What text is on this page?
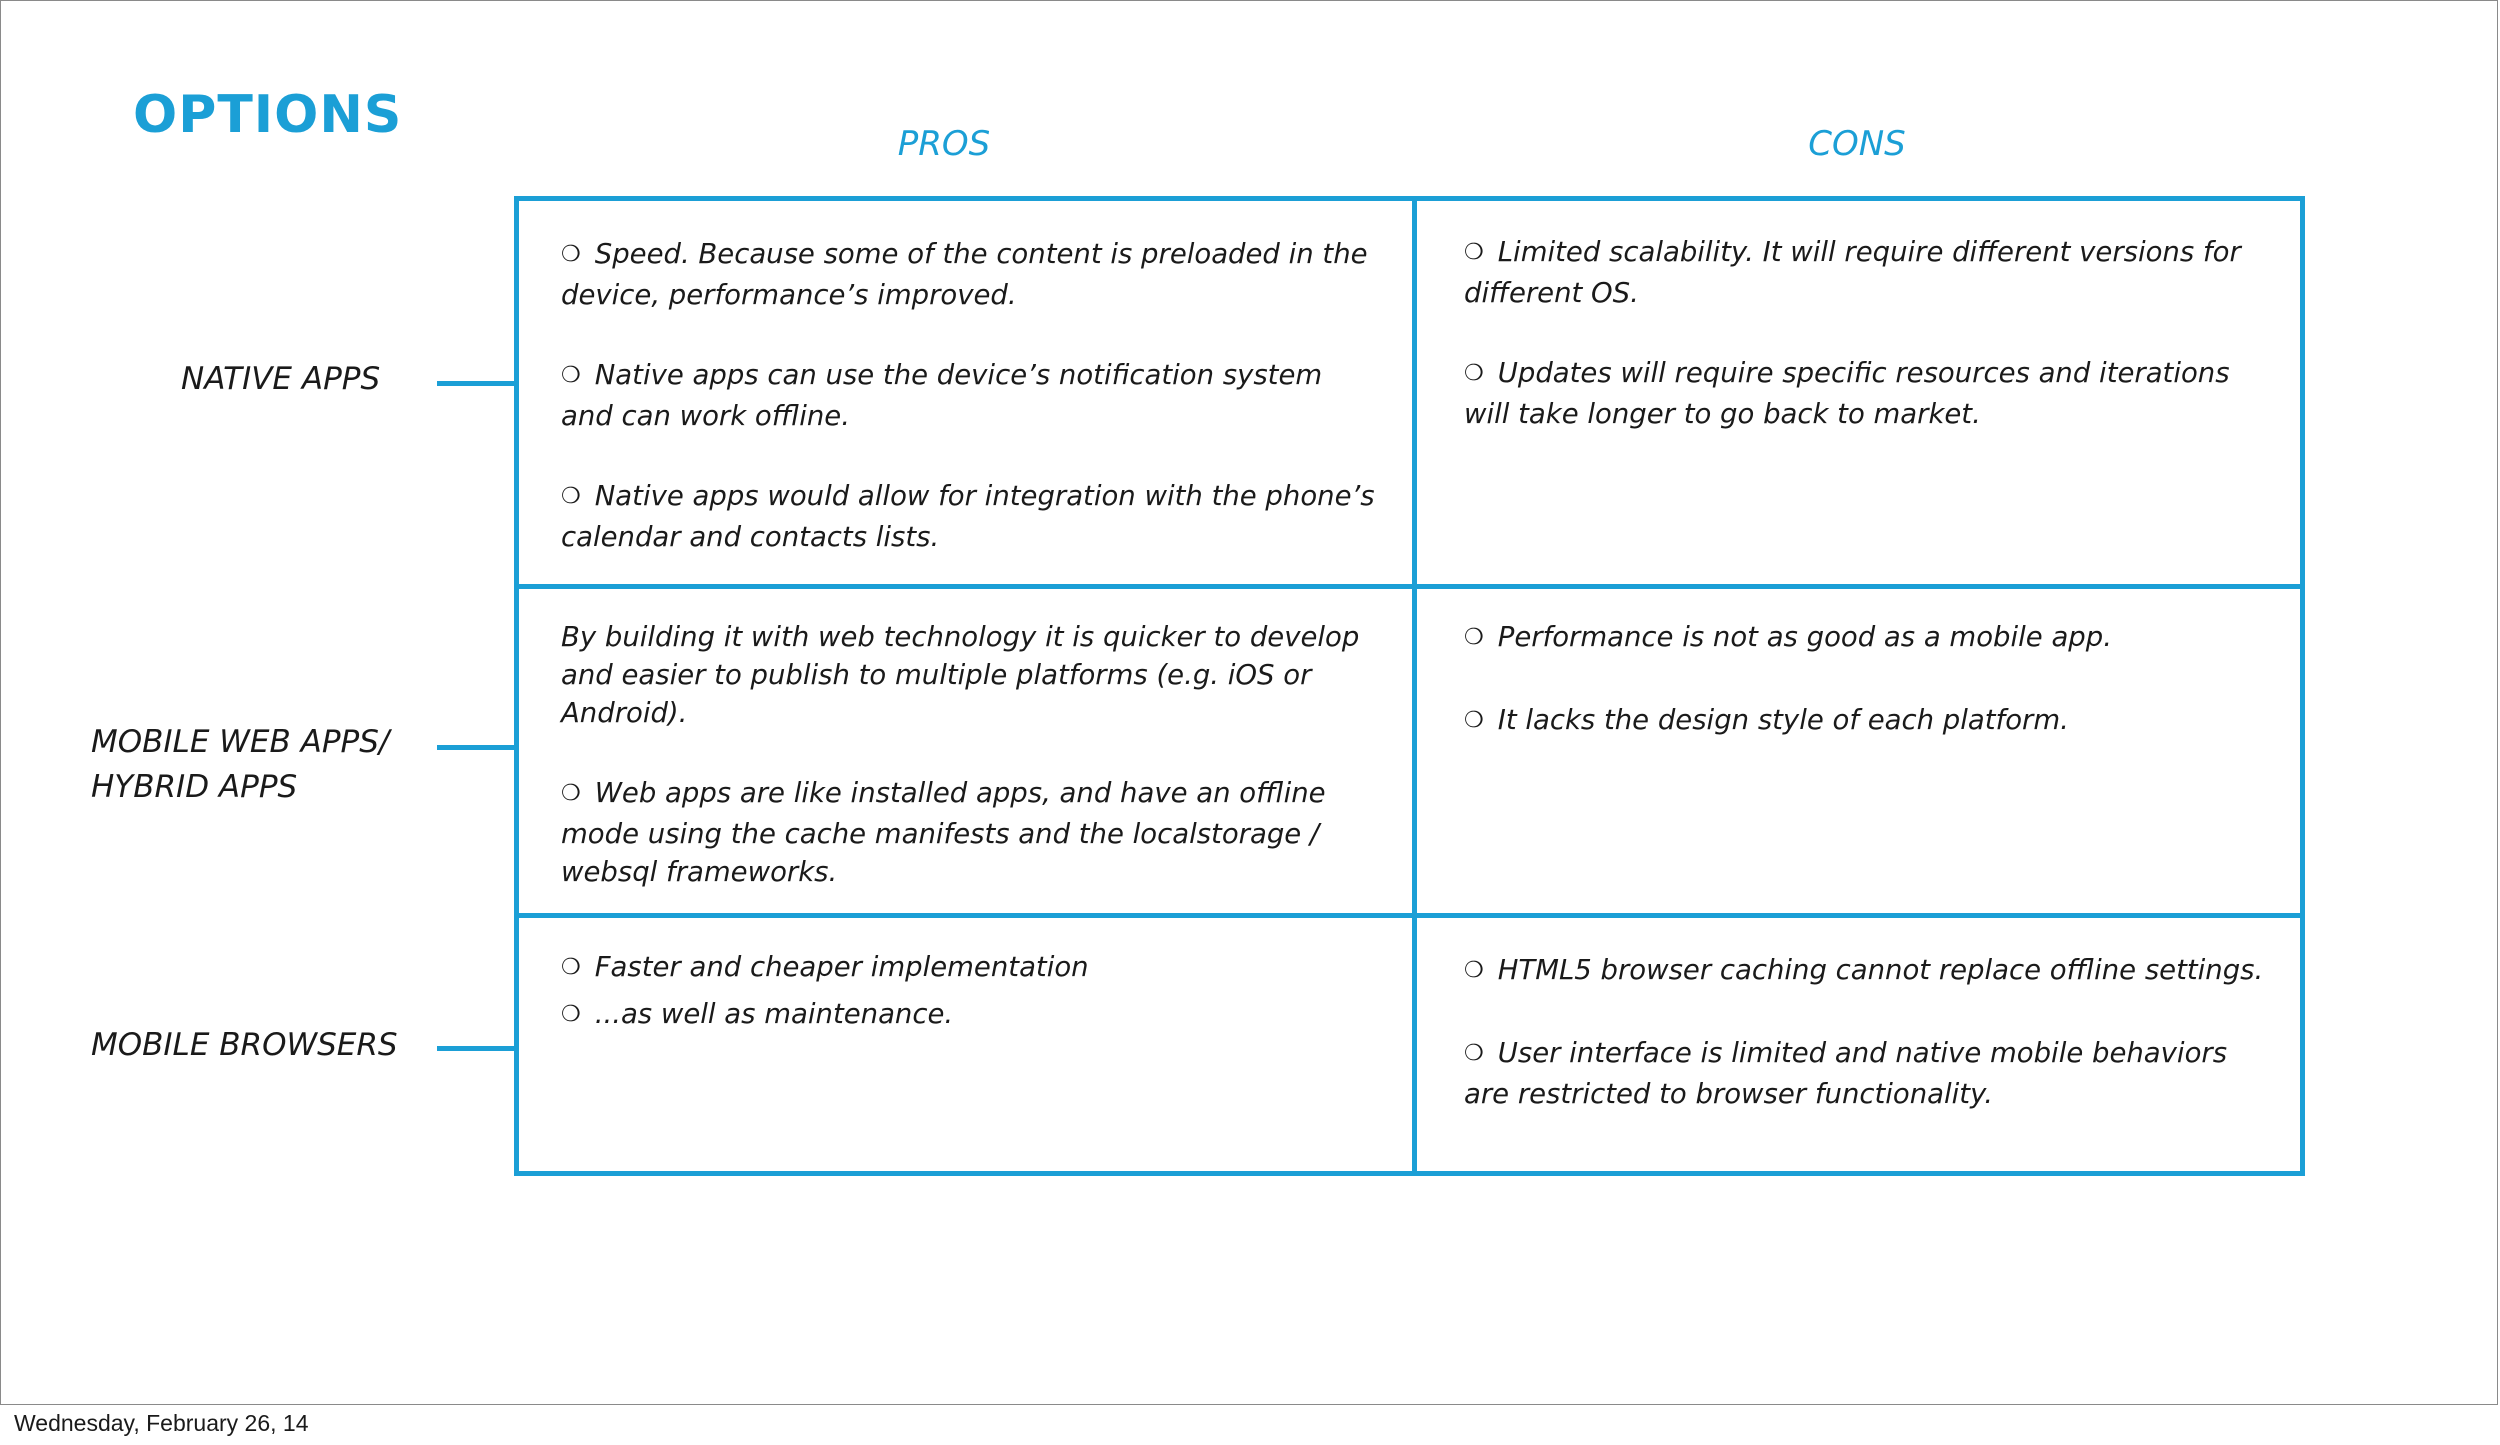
OPTIONS	PROS	CONS
NATIVE APPS
MOBILE WEB APPS/
HYBRID APPS
MOBILE BROWSERS

❍ Speed. Because some of the content is preloaded in the device, performance’s improved.

❍ Native apps can use the device’s notification system and can work offline.

❍ Native apps would allow for integration with the phone’s calendar and contacts lists.

❍ Limited scalability. It will require different versions for different OS.

❍ Updates will require specific resources and iterations will take longer to go back to market.

By building it with web technology it is quicker to develop and easier to publish to multiple platforms (e.g. iOS or Android).

❍ Web apps are like installed apps, and have an offline mode using the cache manifests and the localstorage / websql frameworks.

❍ Performance is not as good as a mobile app.

❍ It lacks the design style of each platform.

❍ Faster and cheaper implementation

❍ ...as well as maintenance.

❍ HTML5 browser caching cannot replace offline settings.

❍ User interface is limited and native mobile behaviors are restricted to browser functionality.

Wednesday, February 26, 14
